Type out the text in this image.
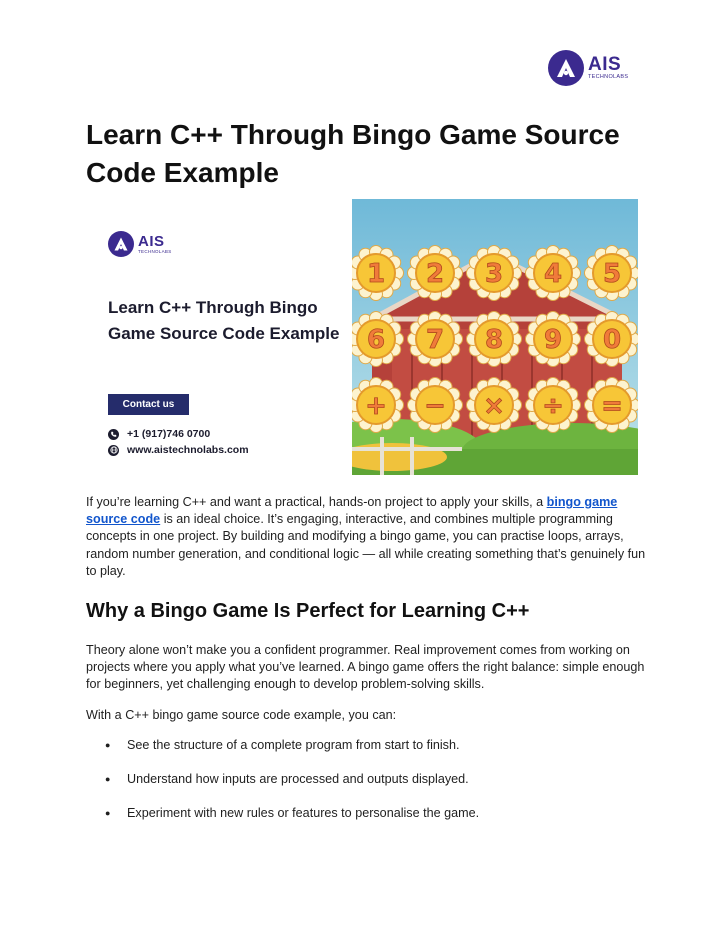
AIS
TECHNOLABS
Learn C++ Through Bingo Game Source Code Example
AIS
TECHNOLABS
Learn C++ Through Bingo Game Source Code Example
Contact us
+1 (917)746 0700
www.aistechnolabs.com
1 2 3 4 5
6 7 8 9 0
+ − × ÷ =

If you’re learning C++ and want a practical, hands-on project to apply your skills, a bingo game source code is an ideal choice. It’s engaging, interactive, and combines multiple programming concepts in one project. By building and modifying a bingo game, you can practise loops, arrays, random number generation, and conditional logic — all while creating something that’s genuinely fun to play.

Why a Bingo Game Is Perfect for Learning C++

Theory alone won’t make you a confident programmer. Real improvement comes from working on projects where you apply what you’ve learned. A bingo game offers the right balance: simple enough for beginners, yet challenging enough to develop problem-solving skills.

With a C++ bingo game source code example, you can:

●	See the structure of a complete program from start to finish.
●	Understand how inputs are processed and outputs displayed.
●	Experiment with new rules or features to personalise the game.
